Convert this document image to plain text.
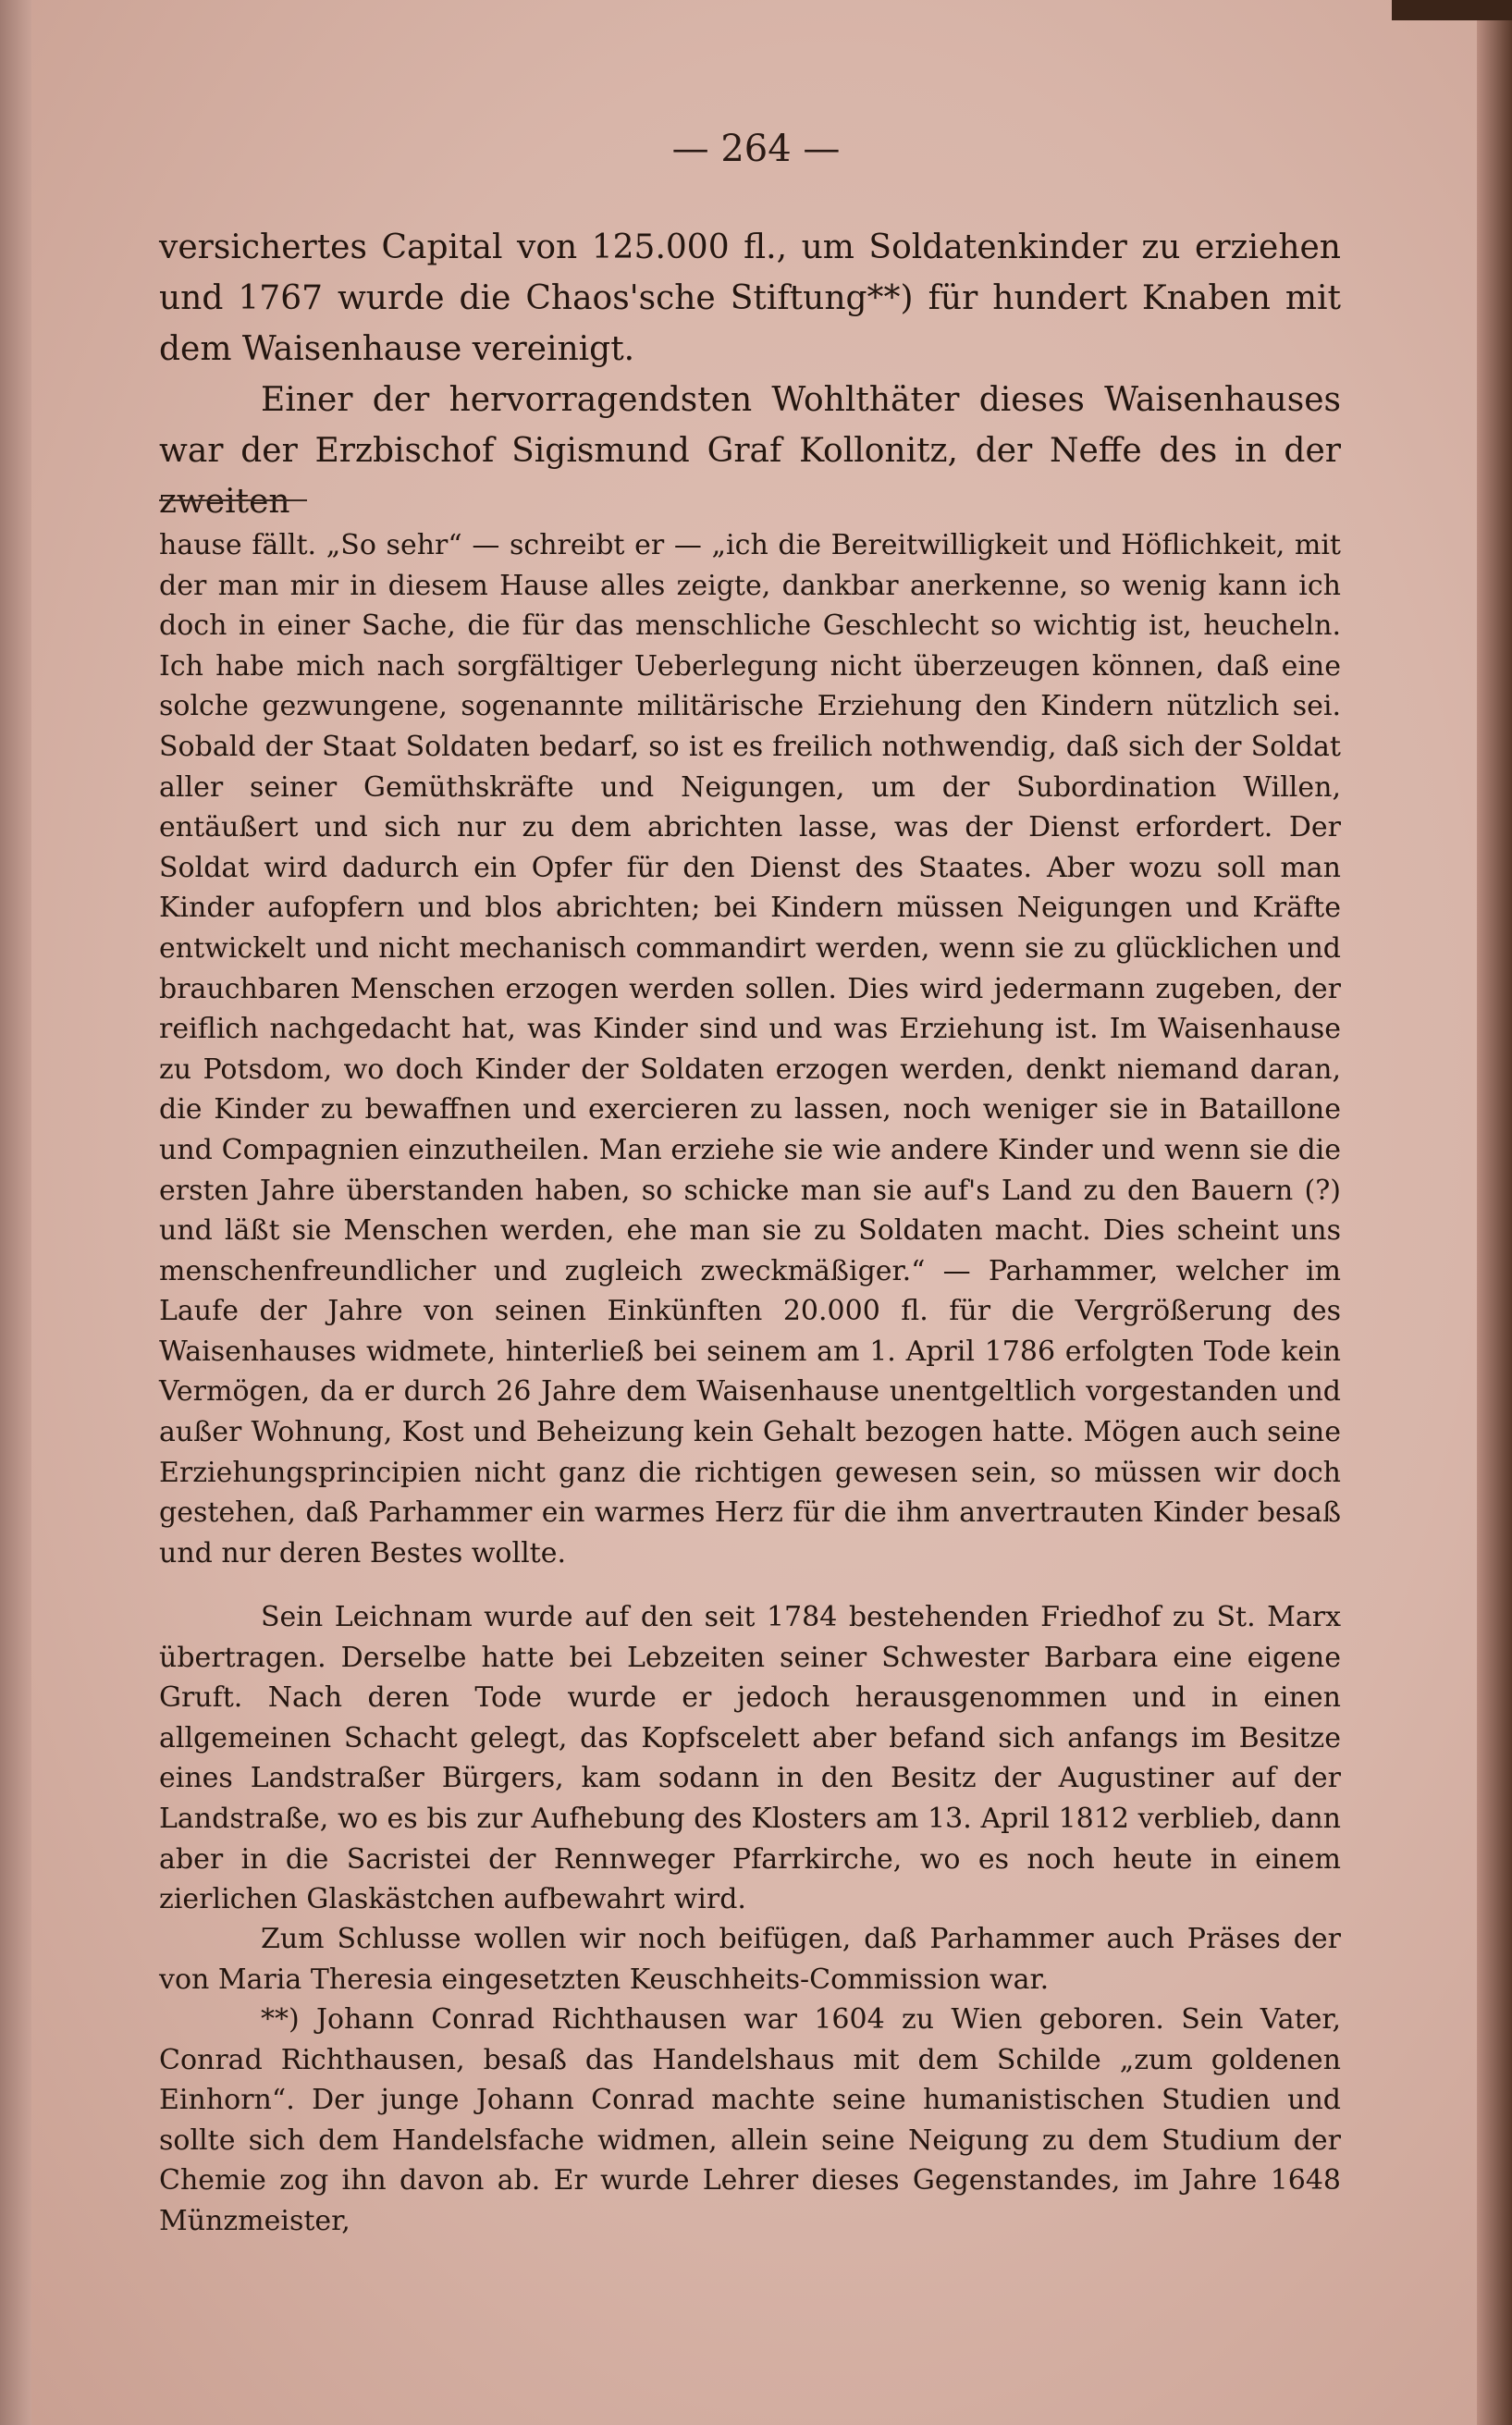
— 264 —

versichertes Capital von 125.000 fl., um Soldatenkinder zu erziehen und 1767 wurde die Chaos'sche Stiftung**) für hundert Knaben mit dem Waisenhause vereinigt.

Einer der hervorragendsten Wohlthäter dieses Waisenhauses war der Erzbischof Sigismund Graf Kollonitz, der Neffe des in der zweiten

hause fällt. „So sehr“ — schreibt er — „ich die Bereitwilligkeit und Höflichkeit, mit der man mir in diesem Hause alles zeigte, dankbar anerkenne, so wenig kann ich doch in einer Sache, die für das menschliche Geschlecht so wichtig ist, heucheln. Ich habe mich nach sorgfältiger Ueberlegung nicht überzeugen können, daß eine solche gezwungene, sogenannte militärische Erziehung den Kindern nützlich sei. Sobald der Staat Soldaten bedarf, so ist es freilich nothwendig, daß sich der Soldat aller seiner Gemüthskräfte und Neigungen, um der Subordination Willen, entäußert und sich nur zu dem abrichten lasse, was der Dienst erfordert. Der Soldat wird dadurch ein Opfer für den Dienst des Staates. Aber wozu soll man Kinder aufopfern und blos abrichten; bei Kindern müssen Neigungen und Kräfte entwickelt und nicht mechanisch commandirt werden, wenn sie zu glücklichen und brauchbaren Menschen erzogen werden sollen. Dies wird jedermann zugeben, der reiflich nachgedacht hat, was Kinder sind und was Erziehung ist. Im Waisenhause zu Potsdom, wo doch Kinder der Soldaten erzogen werden, denkt niemand daran, die Kinder zu bewaffnen und exercieren zu lassen, noch weniger sie in Bataillone und Compagnien einzutheilen. Man erziehe sie wie andere Kinder und wenn sie die ersten Jahre überstanden haben, so schicke man sie auf's Land zu den Bauern (?) und läßt sie Menschen werden, ehe man sie zu Soldaten macht. Dies scheint uns menschenfreundlicher und zugleich zweckmäßiger.“ — Parhammer, welcher im Laufe der Jahre von seinen Einkünften 20.000 fl. für die Vergrößerung des Waisenhauses widmete, hinterließ bei seinem am 1. April 1786 erfolgten Tode kein Vermögen, da er durch 26 Jahre dem Waisenhause unentgeltlich vorgestanden und außer Wohnung, Kost und Beheizung kein Gehalt bezogen hatte. Mögen auch seine Erziehungsprincipien nicht ganz die richtigen gewesen sein, so müssen wir doch gestehen, daß Parhammer ein warmes Herz für die ihm anvertrauten Kinder besaß und nur deren Bestes wollte.

Sein Leichnam wurde auf den seit 1784 bestehenden Friedhof zu St. Marx übertragen. Derselbe hatte bei Lebzeiten seiner Schwester Barbara eine eigene Gruft. Nach deren Tode wurde er jedoch herausgenommen und in einen allgemeinen Schacht gelegt, das Kopfscelett aber befand sich anfangs im Besitze eines Landstraßer Bürgers, kam sodann in den Besitz der Augustiner auf der Landstraße, wo es bis zur Aufhebung des Klosters am 13. April 1812 verblieb, dann aber in die Sacristei der Rennweger Pfarrkirche, wo es noch heute in einem zierlichen Glaskästchen aufbewahrt wird.

Zum Schlusse wollen wir noch beifügen, daß Parhammer auch Präses der von Maria Theresia eingesetzten Keuschheits-Commission war.

**) Johann Conrad Richthausen war 1604 zu Wien geboren. Sein Vater, Conrad Richthausen, besaß das Handelshaus mit dem Schilde „zum goldenen Einhorn“. Der junge Johann Conrad machte seine humanistischen Studien und sollte sich dem Handelsfache widmen, allein seine Neigung zu dem Studium der Chemie zog ihn davon ab. Er wurde Lehrer dieses Gegenstandes, im Jahre 1648 Münzmeister,
